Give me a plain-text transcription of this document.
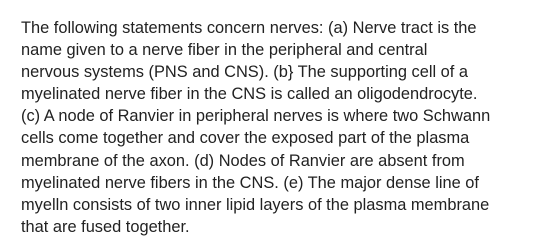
The following statements concern nerves: (a) Nerve tract is the
name given to a nerve fiber in the peripheral and central
nervous systems (PNS and CNS). (b} The supporting cell of a
myelinated nerve fiber in the CNS is called an oligodendrocyte.
(c) A node of Ranvier in peripheral nerves is where two Schwann
cells come together and cover the exposed part of the plasma
membrane of the axon. (d) Nodes of Ranvier are absent from
myelinated nerve fibers in the CNS. (e) The major dense line of
myelln consists of two inner lipid layers of the plasma membrane
that are fused together.
